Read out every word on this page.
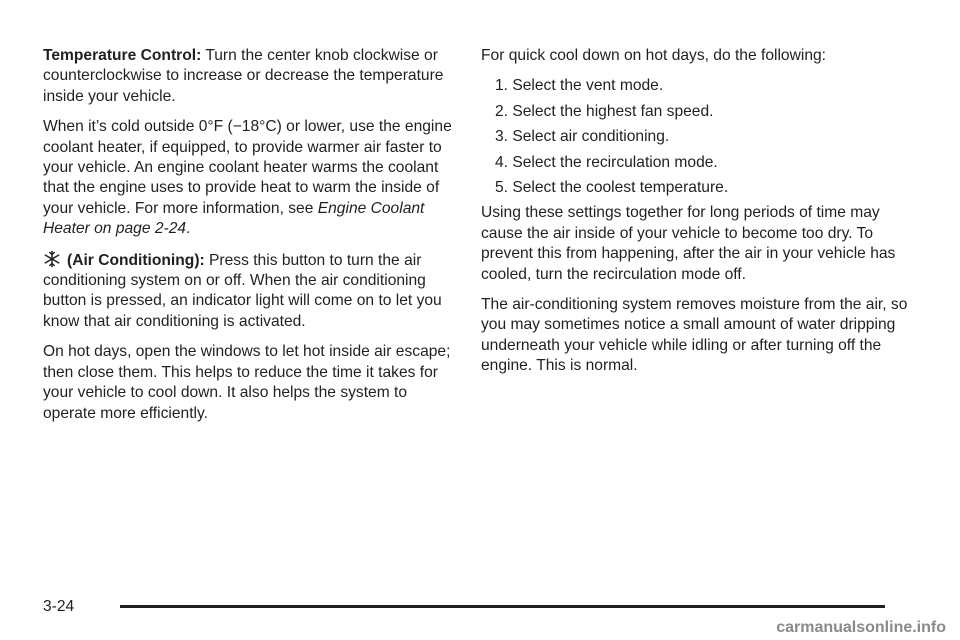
Temperature Control: Turn the center knob clockwise or counterclockwise to increase or decrease the temperature inside your vehicle.

When it’s cold outside 0°F (−18°C) or lower, use the engine coolant heater, if equipped, to provide warmer air faster to your vehicle. An engine coolant heater warms the coolant that the engine uses to provide heat to warm the inside of your vehicle. For more information, see Engine Coolant Heater on page 2-24.

(Air Conditioning): Press this button to turn the air conditioning system on or off. When the air conditioning button is pressed, an indicator light will come on to let you know that air conditioning is activated.

On hot days, open the windows to let hot inside air escape; then close them. This helps to reduce the time it takes for your vehicle to cool down. It also helps the system to operate more efficiently.

For quick cool down on hot days, do the following:

1. Select the vent mode.
2. Select the highest fan speed.
3. Select air conditioning.
4. Select the recirculation mode.
5. Select the coolest temperature.

Using these settings together for long periods of time may cause the air inside of your vehicle to become too dry. To prevent this from happening, after the air in your vehicle has cooled, turn the recirculation mode off.

The air-conditioning system removes moisture from the air, so you may sometimes notice a small amount of water dripping underneath your vehicle while idling or after turning off the engine. This is normal.

3-24
carmanualsonline.info
